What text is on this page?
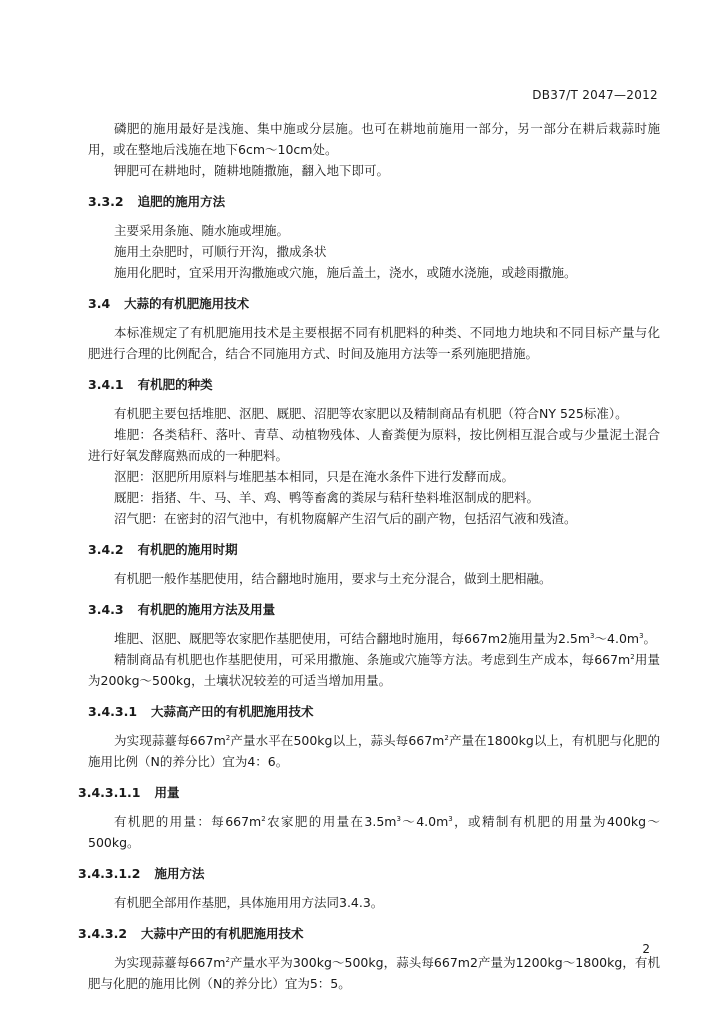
DB37/T 2047—2012

磷肥的施用最好是浅施、集中施或分层施。也可在耕地前施用一部分，另一部分在耕后栽蒜时施用，或在整地后浅施在地下6cm～10cm处。

钾肥可在耕地时，随耕地随撒施，翻入地下即可。

3.3.2 追肥的施用方法

主要采用条施、随水施或埋施。

施用土杂肥时，可顺行开沟，撒成条状

施用化肥时，宜采用开沟撒施或穴施，施后盖土，浇水，或随水浇施，或趁雨撒施。

3.4 大蒜的有机肥施用技术

本标准规定了有机肥施用技术是主要根据不同有机肥料的种类、不同地力地块和不同目标产量与化肥进行合理的比例配合，结合不同施用方式、时间及施用方法等一系列施肥措施。

3.4.1 有机肥的种类

有机肥主要包括堆肥、沤肥、厩肥、沼肥等农家肥以及精制商品有机肥（符合NY 525标准）。

堆肥：各类秸秆、落叶、青草、动植物残体、人畜粪便为原料，按比例相互混合或与少量泥土混合进行好氧发酵腐熟而成的一种肥料。

沤肥：沤肥所用原料与堆肥基本相同，只是在淹水条件下进行发酵而成。

厩肥：指猪、牛、马、羊、鸡、鸭等畜禽的粪尿与秸秆垫料堆沤制成的肥料。

沼气肥：在密封的沼气池中，有机物腐解产生沼气后的副产物，包括沼气液和残渣。

3.4.2 有机肥的施用时期

有机肥一般作基肥使用，结合翻地时施用，要求与土充分混合，做到土肥相融。

3.4.3 有机肥的施用方法及用量

堆肥、沤肥、厩肥等农家肥作基肥使用，可结合翻地时施用，每667m2施用量为$2.5m^3\sim 4.0m^3$。

精制商品有机肥也作基肥使用，可采用撒施、条施或穴施等方法。考虑到生产成本，每$667m^2$用量为200kg～500kg，土壤状况较差的可适当增加用量。

3.4.3.1 大蒜高产田的有机肥施用技术

为实现蒜薹每$667m^2$产量水平在500kg以上，蒜头每$667m^2$产量在1800kg以上，有机肥与化肥的施用比例（N的养分比）宜为4：6。

3.4.3.1.1 用量

有机肥的用量：每$667m^2$农家肥的用量在$3.5m^3\sim 4.0m^3$，或精制有机肥的用量为400kg～500kg。

3.4.3.1.2 施用方法

有机肥全部用作基肥，具体施用用方法同3.4.3。

3.4.3.2 大蒜中产田的有机肥施用技术

为实现蒜薹每$667m^2$产量水平为300kg～500kg，蒜头每667m2产量为1200kg～1800kg，有机肥与化肥的施用比例（N的养分比）宜为5：5。

2
